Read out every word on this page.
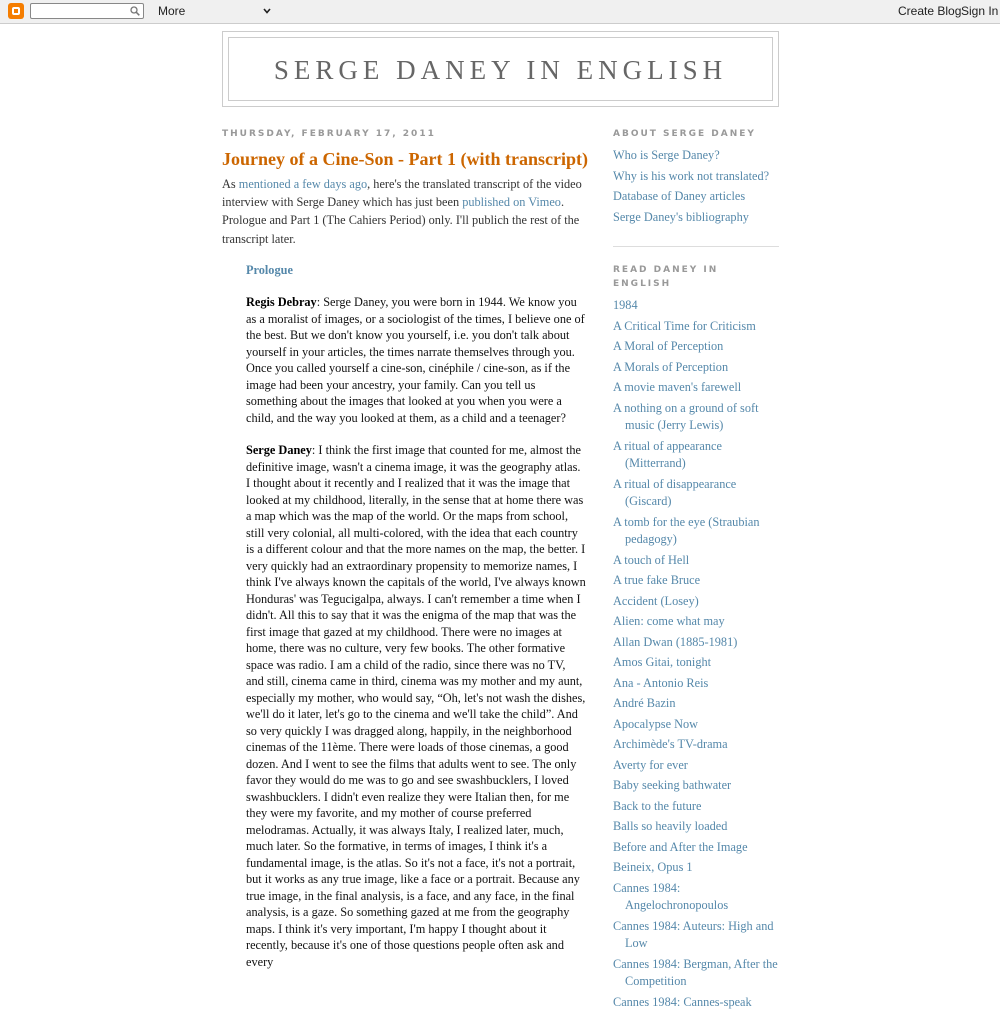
More	Create Blog Sign In
SERGE DANEY IN ENGLISH
THURSDAY, FEBRUARY 17, 2011
Journey of a Cine-Son - Part 1 (with transcript)

As mentioned a few days ago, here's the translated transcript of the video interview with Serge Daney which has just been published on Vimeo. Prologue and Part 1 (The Cahiers Period) only. I'll publich the rest of the transcript later.

Prologue
Regis Debray: Serge Daney, you were born in 1944. We know you as a moralist of images, or a sociologist of the times, I believe one of the best. But we don't know you yourself, i.e. you don't talk about yourself in your articles, the times narrate themselves through you. Once you called yourself a cine-son, cinéphile / cine-son, as if the image had been your ancestry, your family. Can you tell us something about the images that looked at you when you were a child, and the way you looked at them, as a child and a teenager?
Serge Daney: I think the first image that counted for me, almost the definitive image, wasn't a cinema image, it was the geography atlas. I thought about it recently and I realized that it was the image that looked at my childhood, literally, in the sense that at home there was a map which was the map of the world. Or the maps from school, still very colonial, all multi-colored, with the idea that each country is a different colour and that the more names on the map, the better. I very quickly had an extraordinary propensity to memorize names, I think I've always known the capitals of the world, I've always known Honduras' was Tegucigalpa, always. I can't remember a time when I didn't. All this to say that it was the enigma of the map that was the first image that gazed at my childhood. There were no images at home, there was no culture, very few books. The other formative space was radio. I am a child of the radio, since there was no TV, and still, cinema came in third, cinema was my mother and my aunt, especially my mother, who would say, “Oh, let's not wash the dishes, we'll do it later, let's go to the cinema and we'll take the child”. And so very quickly I was dragged along, happily, in the neighborhood cinemas of the 11ème. There were loads of those cinemas, a good dozen. And I went to see the films that adults went to see. The only favor they would do me was to go and see swashbucklers, I loved swashbucklers. I didn't even realize they were Italian then, for me they were my favorite, and my mother of course preferred melodramas. Actually, it was always Italy, I realized later, much, much later. So the formative, in terms of images, I think it's a fundamental image, is the atlas. So it's not a face, it's not a portrait, but it works as any true image, like a face or a portrait. Because any true image, in the final analysis, is a face, and any face, in the final analysis, is a gaze. So something gazed at me from the geography maps. I think it's very important, I'm happy I thought about it recently, because it's one of those questions people often ask and every
ABOUT SERGE DANEY
Who is Serge Daney?
Why is his work not translated?
Database of Daney articles
Serge Daney's bibliography
READ DANEY IN ENGLISH
1984
A Critical Time for Criticism
A Moral of Perception
A Morals of Perception
A movie maven's farewell
A nothing on a ground of soft music (Jerry Lewis)
A ritual of appearance (Mitterrand)
A ritual of disappearance (Giscard)
A tomb for the eye (Straubian pedagogy)
A touch of Hell
A true fake Bruce
Accident (Losey)
Alien: come what may
Allan Dwan (1885-1981)
Amos Gitai, tonight
Ana - Antonio Reis
André Bazin
Apocalypse Now
Archimède's TV-drama
Averty for ever
Baby seeking bathwater
Back to the future
Balls so heavily loaded
Before and After the Image
Beineix, Opus 1
Cannes 1984: Angelochronopoulos
Cannes 1984: Auteurs: High and Low
Cannes 1984: Bergman, After the Competition
Cannes 1984: Cannes-speak
